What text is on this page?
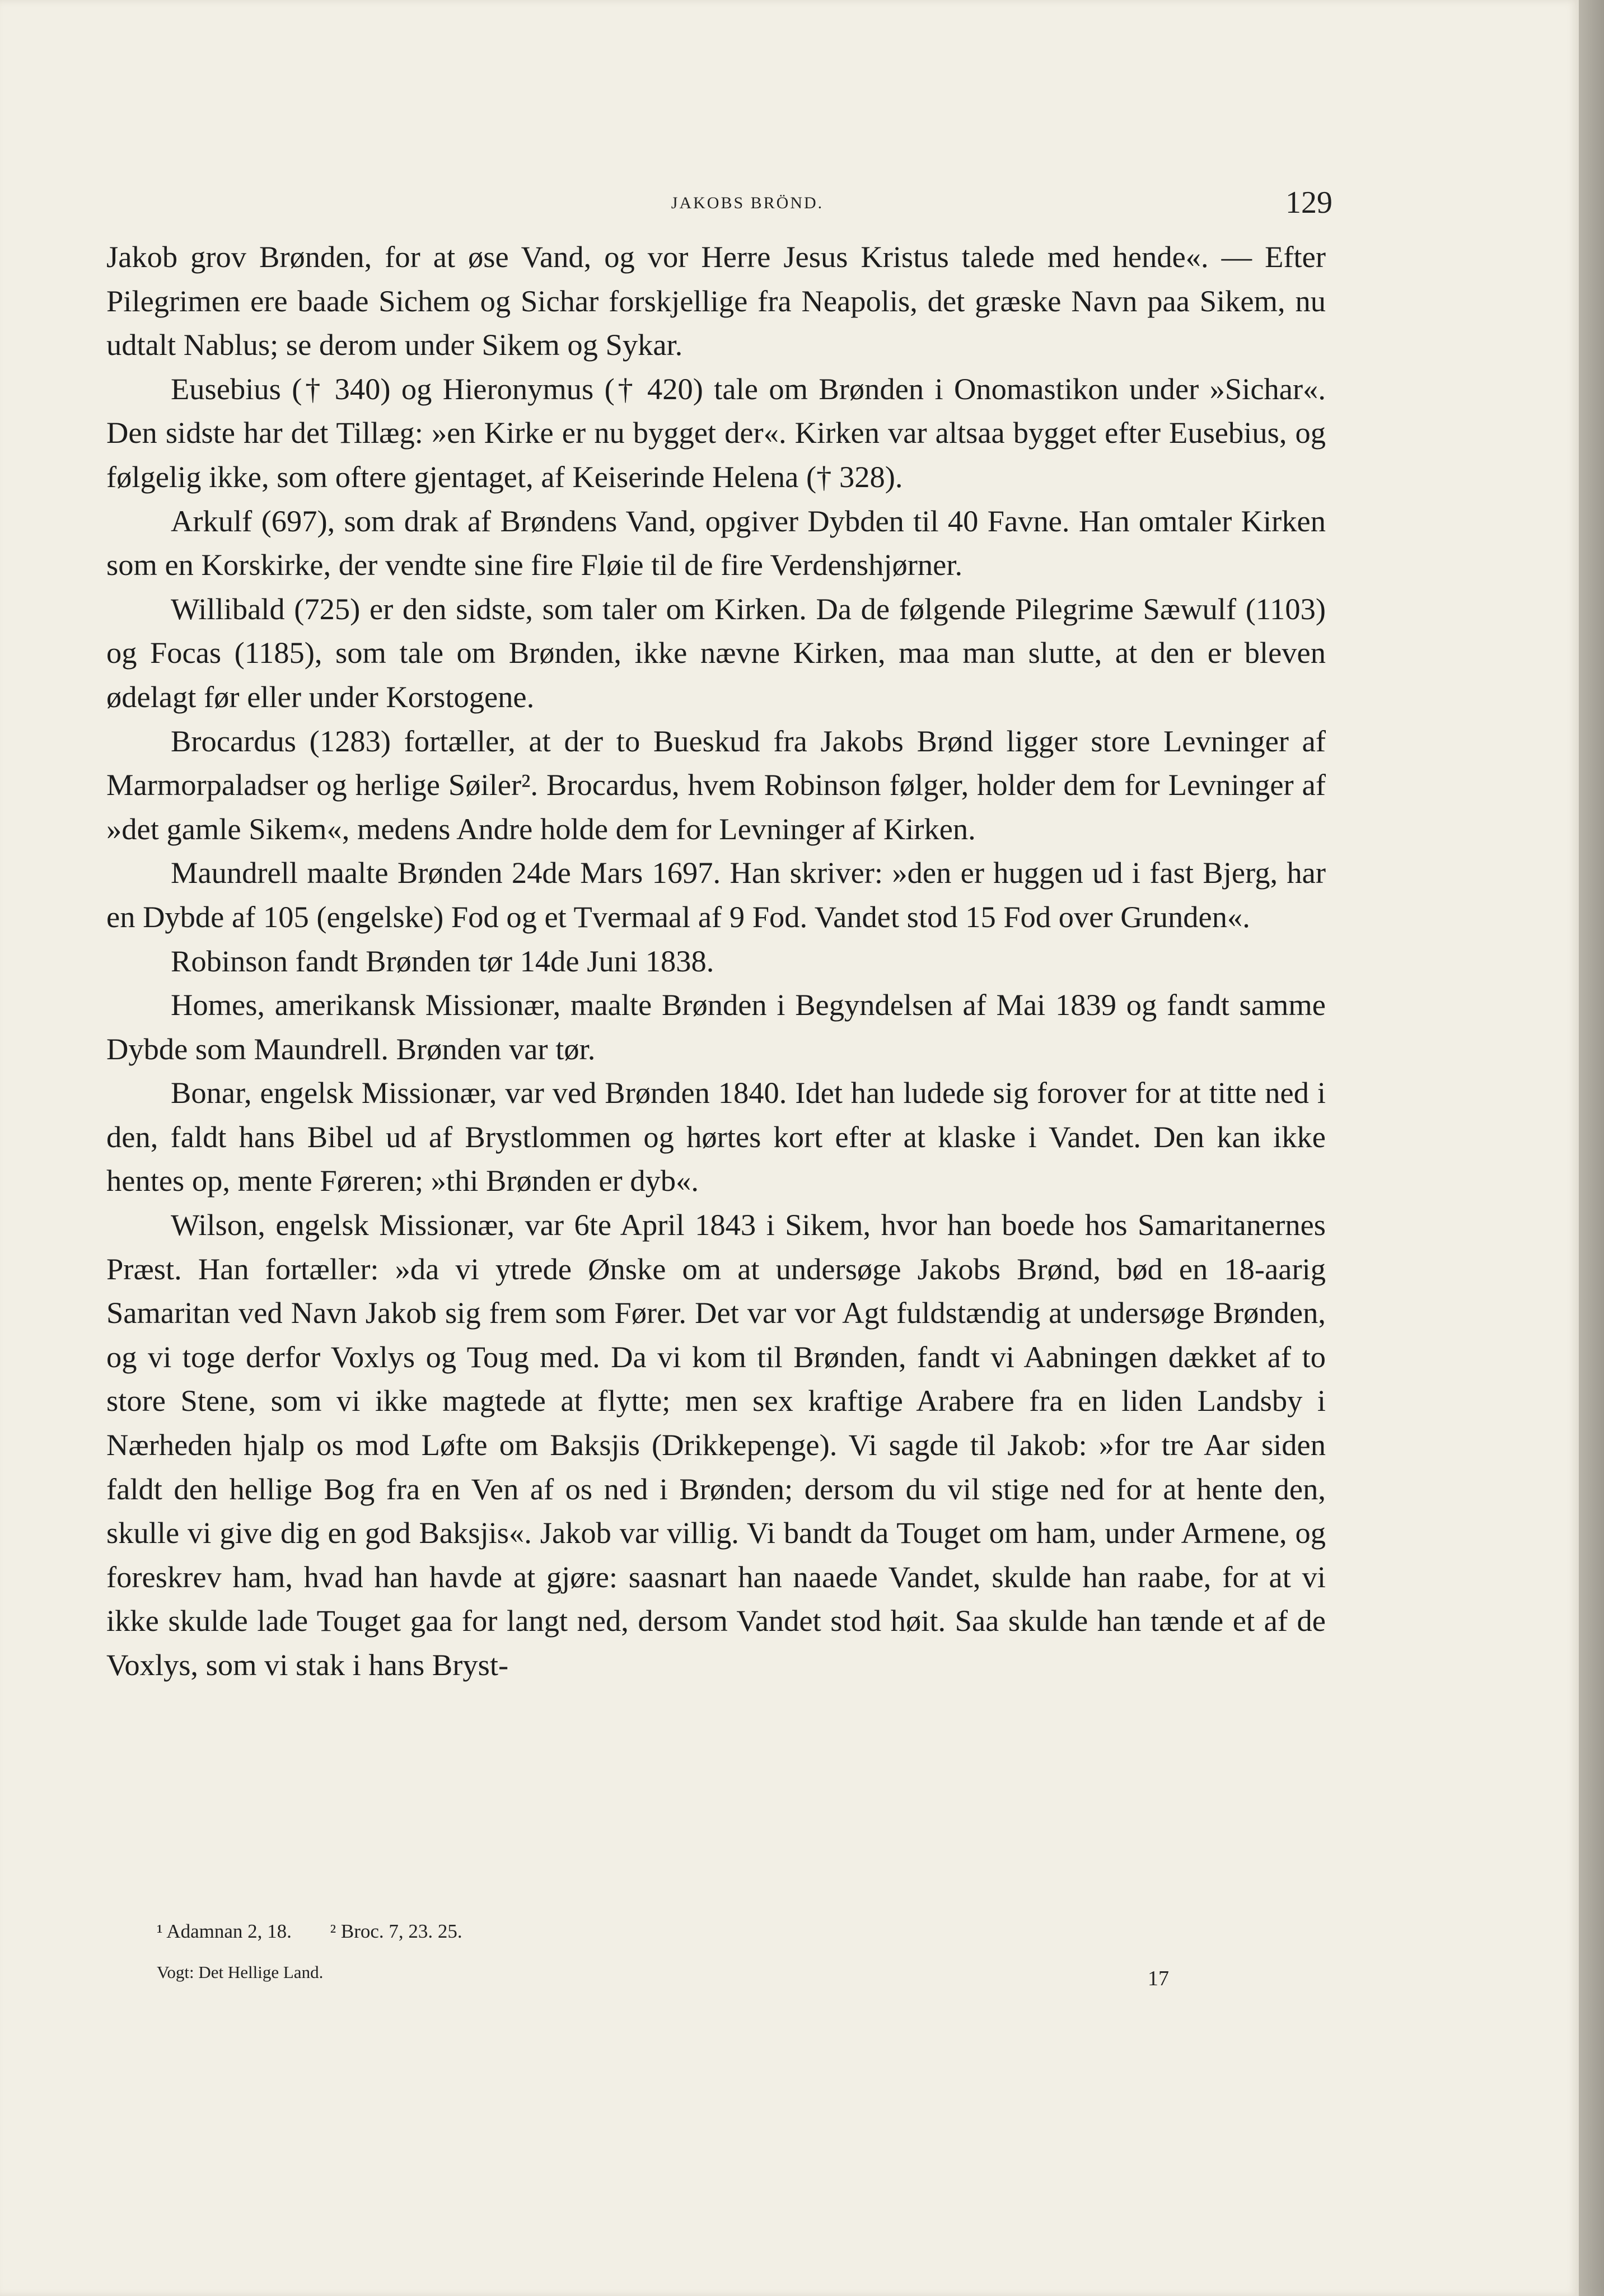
JAKOBS BRÖND.	129

Jakob grov Brønden, for at øse Vand, og vor Herre Jesus Kristus talede med hende«. — Efter Pilegrimen ere baade Sichem og Sichar forskjellige fra Neapolis, det græske Navn paa Sikem, nu udtalt Nablus; se derom under Sikem og Sykar.

Eusebius († 340) og Hieronymus († 420) tale om Brønden i Onomastikon under »Sichar«. Den sidste har det Tillæg: »en Kirke er nu bygget der«. Kirken var altsaa bygget efter Eusebius, og følgelig ikke, som oftere gjentaget, af Keiserinde Helena († 328).

Arkulf (697), som drak af Brøndens Vand, opgiver Dybden til 40 Favne. Han omtaler Kirken som en Korskirke, der vendte sine fire Fløie til de fire Verdenshjørner.

Willibald (725) er den sidste, som taler om Kirken. Da de følgende Pilegrime Sæwulf (1103) og Focas (1185), som tale om Brønden, ikke nævne Kirken, maa man slutte, at den er bleven ødelagt før eller under Korstogene.

Brocardus (1283) fortæller, at der to Bueskud fra Jakobs Brønd ligger store Levninger af Marmorpaladser og herlige Søiler². Brocardus, hvem Robinson følger, holder dem for Levninger af »det gamle Sikem«, medens Andre holde dem for Levninger af Kirken.

Maundrell maalte Brønden 24de Mars 1697. Han skriver: »den er huggen ud i fast Bjerg, har en Dybde af 105 (engelske) Fod og et Tvermaal af 9 Fod. Vandet stod 15 Fod over Grunden«.

Robinson fandt Brønden tør 14de Juni 1838.

Homes, amerikansk Missionær, maalte Brønden i Begyndelsen af Mai 1839 og fandt samme Dybde som Maundrell. Brønden var tør.

Bonar, engelsk Missionær, var ved Brønden 1840. Idet han ludede sig forover for at titte ned i den, faldt hans Bibel ud af Brystlommen og hørtes kort efter at klaske i Vandet. Den kan ikke hentes op, mente Føreren; »thi Brønden er dyb«.

Wilson, engelsk Missionær, var 6te April 1843 i Sikem, hvor han boede hos Samaritanernes Præst. Han fortæller: »da vi ytrede Ønske om at undersøge Jakobs Brønd, bød en 18-aarig Samaritan ved Navn Jakob sig frem som Fører. Det var vor Agt fuldstændig at undersøge Brønden, og vi toge derfor Voxlys og Toug med. Da vi kom til Brønden, fandt vi Aabningen dækket af to store Stene, som vi ikke magtede at flytte; men sex kraftige Arabere fra en liden Landsby i Nærheden hjalp os mod Løfte om Baksjis (Drikkepenge). Vi sagde til Jakob: »for tre Aar siden faldt den hellige Bog fra en Ven af os ned i Brønden; dersom du vil stige ned for at hente den, skulle vi give dig en god Baksjis«. Jakob var villig. Vi bandt da Touget om ham, under Armene, og foreskrev ham, hvad han havde at gjøre: saasnart han naaede Vandet, skulde han raabe, for at vi ikke skulde lade Touget gaa for langt ned, dersom Vandet stod høit. Saa skulde han tænde et af de Voxlys, som vi stak i hans Bryst-

¹ Adamnan 2, 18. ² Broc. 7, 23. 25.
Vogt: Det Hellige Land.	17
